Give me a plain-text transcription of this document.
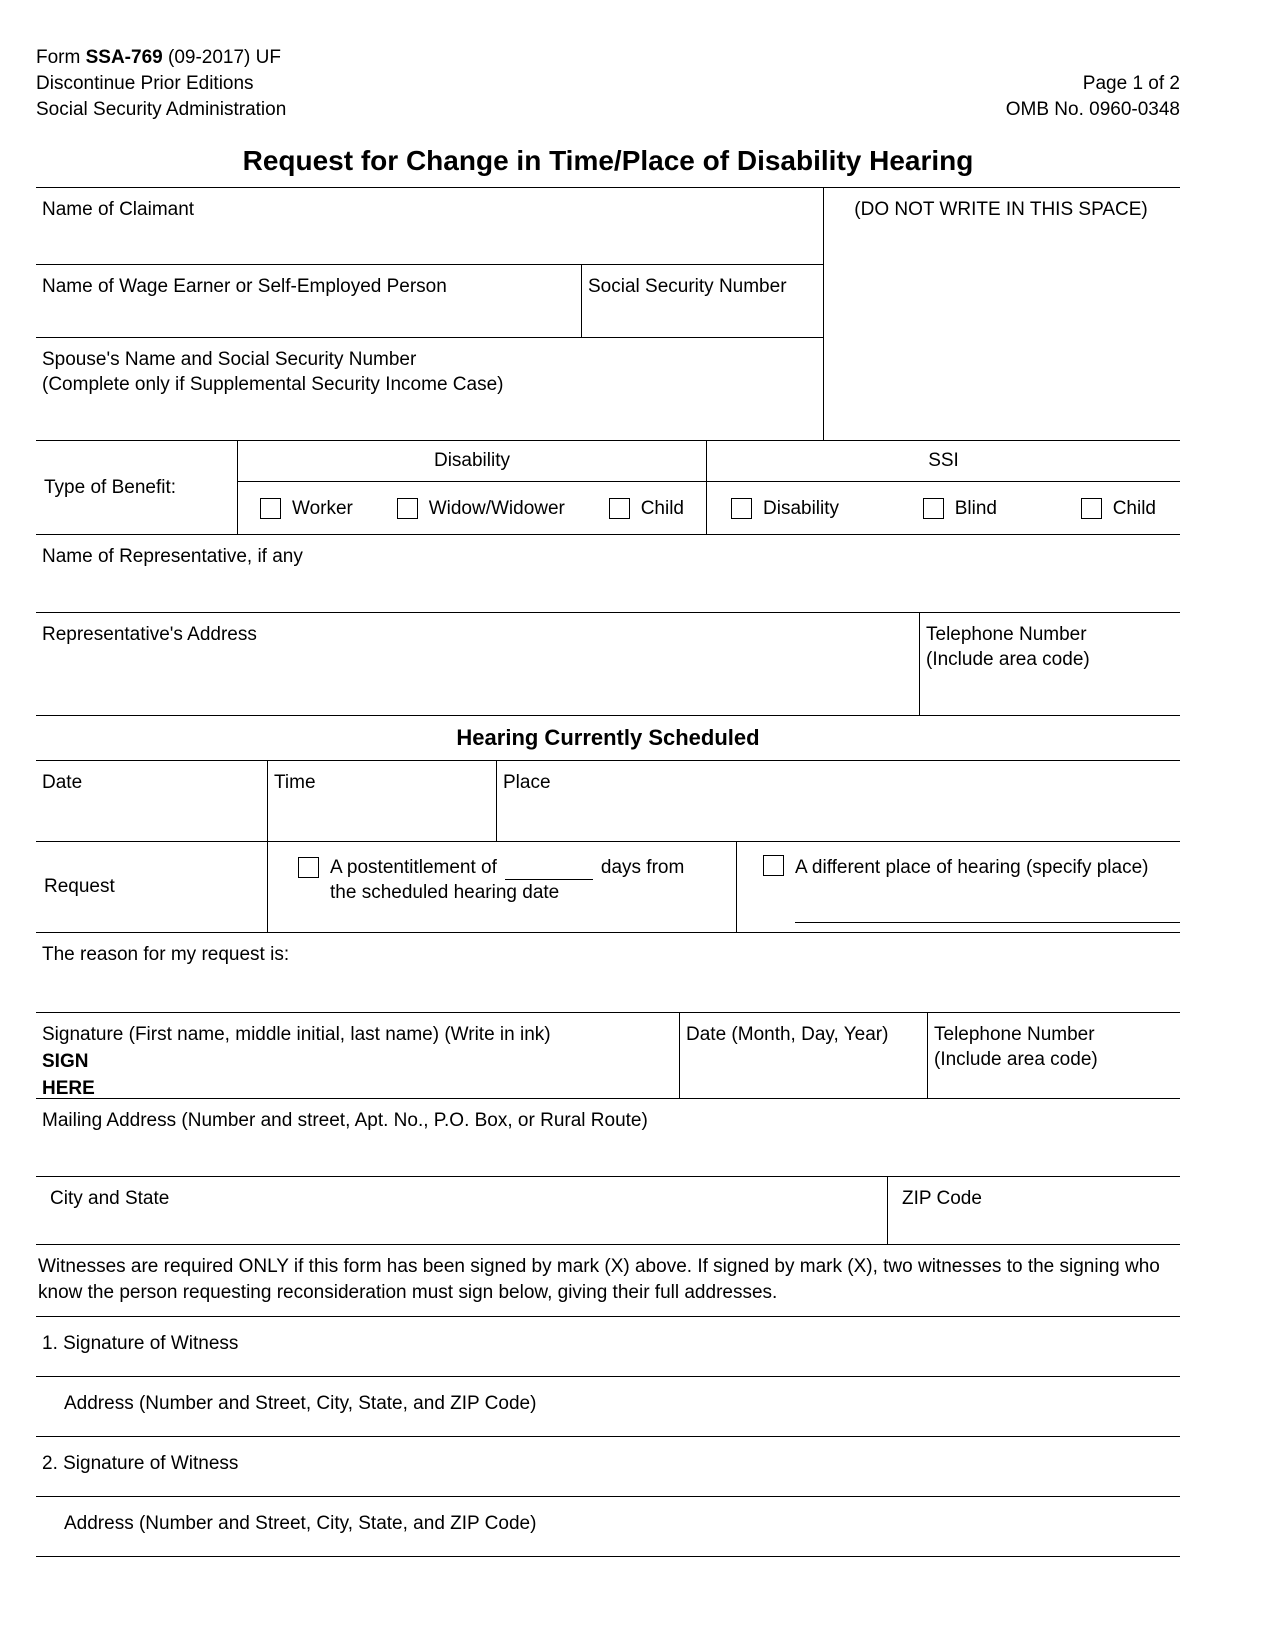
Form SSA-769 (09-2017) UF
Discontinue Prior Editions
Social Security Administration
Page 1 of 2
OMB No. 0960-0348
Request for Change in Time/Place of Disability Hearing
Name of Claimant
Name of Wage Earner or Self-Employed Person	Social Security Number
Spouse's Name and Social Security Number
(Complete only if Supplemental Security Income Case)
(DO NOT WRITE IN THIS SPACE)
Type of Benefit:
Disability	SSI
Worker	Widow/Widower	Child	Disability	Blind	Child
Name of Representative, if any
Representative's Address	Telephone Number
(Include area code)
Hearing Currently Scheduled
Date	Time	Place
Request
A postentitlement of	days from
the scheduled hearing date
A different place of hearing (specify place)
The reason for my request is:
Signature (First name, middle initial, last name) (Write in ink)
SIGN
HERE
Date (Month, Day, Year)	Telephone Number
(Include area code)
Mailing Address (Number and street, Apt. No., P.O. Box, or Rural Route)
City and State	ZIP Code
Witnesses are required ONLY if this form has been signed by mark (X) above. If signed by mark (X), two witnesses to the signing who know the person requesting reconsideration must sign below, giving their full addresses.
1. Signature of Witness
Address (Number and Street, City, State, and ZIP Code)
2. Signature of Witness
Address (Number and Street, City, State, and ZIP Code)
